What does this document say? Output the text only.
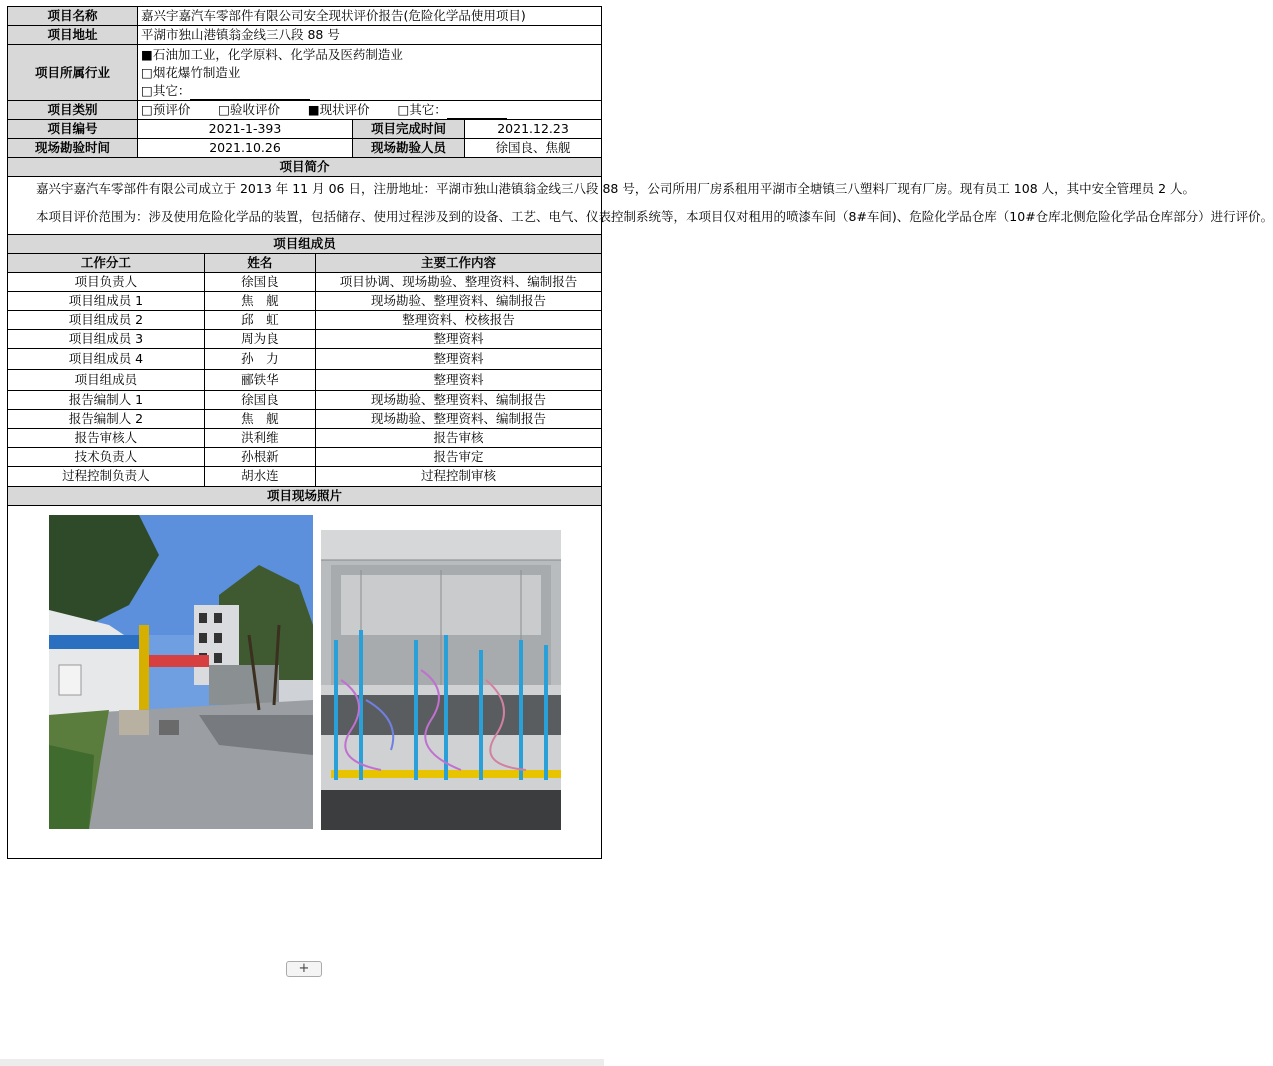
项目名称	嘉兴宇嘉汽车零部件有限公司安全现状评价报告(危险化学品使用项目)
项目地址	平湖市独山港镇翁金线三八段 88 号
项目所属行业	
■石油加工业，化学原料、化学品及医药制造业
□烟花爆竹制造业
□其它：

项目类别	□预评价 □验收评价 ■现状评价 □其它：
项目编号	2021-1-393	项目完成时间	2021.12.23
现场勘验时间	2021.10.26	现场勘验人员	徐国良、焦舰
项目简介

嘉兴宇嘉汽车零部件有限公司成立于 2013 年 11 月 06 日，注册地址：平湖市独山港镇翁金线三八段 88 号，公司所用厂房系租用平湖市全塘镇三八塑料厂现有厂房。现有员工 108 人，其中安全管理员 2 人。

本项目评价范围为：涉及使用危险化学品的装置，包括储存、使用过程涉及到的设备、工艺、电气、仪表控制系统等，本项目仅对租用的喷漆车间（8#车间)、危险化学品仓库（10#仓库北侧危险化学品仓库部分）进行评价。

项目组成员

工作分工	姓名	主要工作内容
项目负责人	徐国良	项目协调、现场勘验、整理资料、编制报告
项目组成员 1	焦　舰	现场勘验、整理资料、编制报告
项目组成员 2	邱　虹	整理资料、校核报告
项目组成员 3	周为良	整理资料
项目组成员 4	孙　力	整理资料
项目组成员	郦铁华	整理资料
报告编制人 1	徐国良	现场勘验、整理资料、编制报告
报告编制人 2	焦　舰	现场勘验、整理资料、编制报告
报告审核人	洪利维	报告审核
技术负责人	孙根新	报告审定
过程控制负责人	胡水连	过程控制审核

项目现场照片

+
